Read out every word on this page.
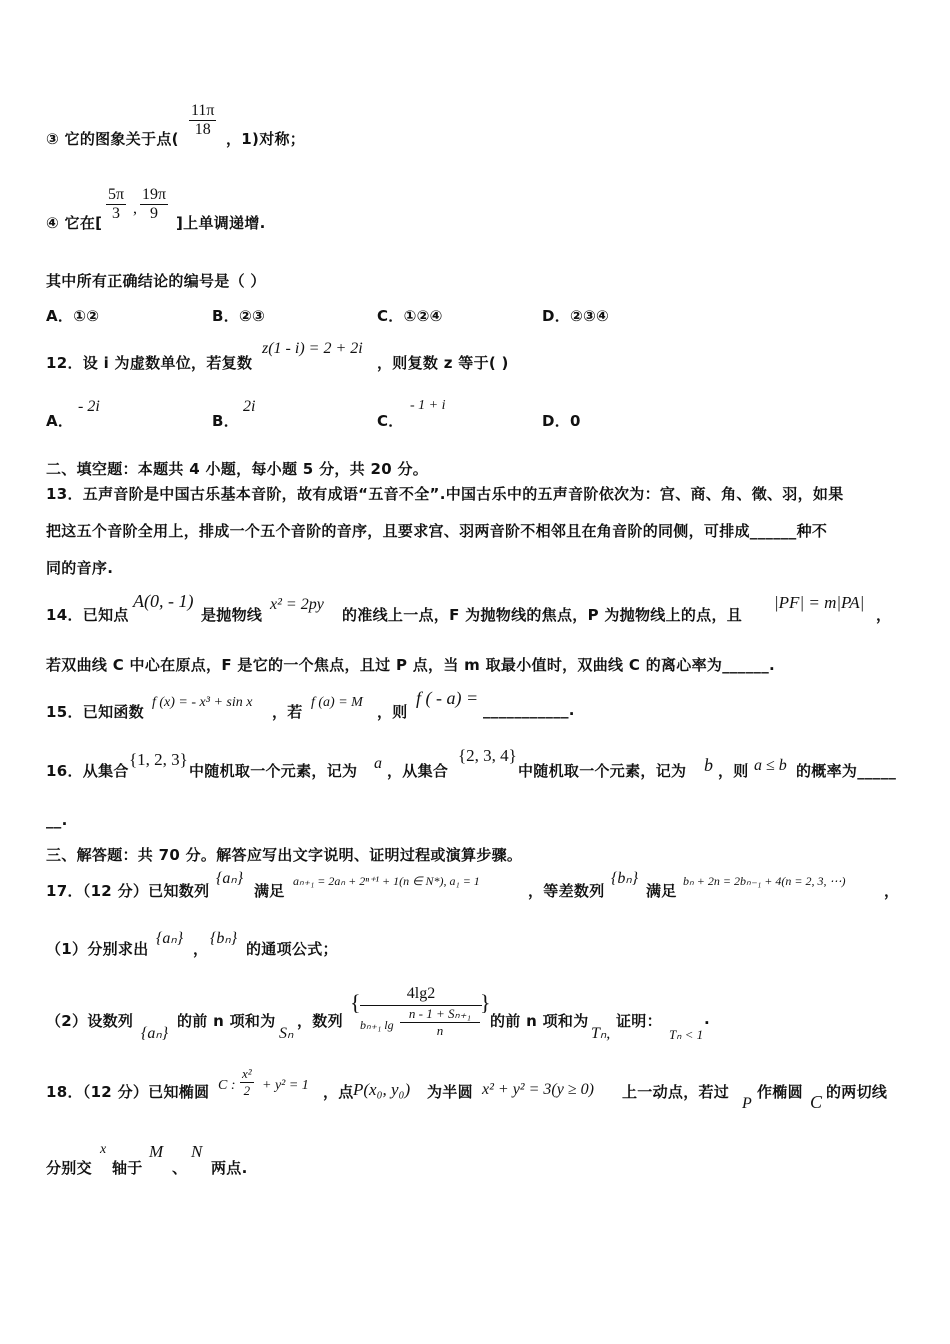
③ 它的图象关于点( $\frac{11\pi}{18}$ ，1)对称；
④ 它在[ $\frac{5\pi}{3}$ , $\frac{19\pi}{9}$ ]上单调递增.
其中所有正确结论的编号是（ ）
A．①②	B．②③	C．①②④	D．②③④
12．设 i 为虚数单位，若复数
z(1 - i) = 2 + 2i
，则复数 z 等于( )
A．
- 2i
B．
2i
C．
- 1 + i
D．0
二、填空题：本题共 4 小题，每小题 5 分，共 20 分。
13．五声音阶是中国古乐基本音阶，故有成语“五音不全”.中国古乐中的五声音阶依次为：宫、商、角、徵、羽，如果
把这五个音阶全用上，排成一个五个音阶的音序，且要求宫、羽两音阶不相邻且在角音阶的同侧，可排成______种不
同的音序.
14．已知点
A(0, - 1)
是抛物线
x² = 2py
的准线上一点，F 为抛物线的焦点，P 为抛物线上的点，且
|PF| = m|PA|
，
若双曲线 C 中心在原点，F 是它的一个焦点，且过 P 点，当 m 取最小值时，双曲线 C 的离心率为______.
15．已知函数
f (x) = - x³ + sin x
，若
f (a) = M
，则
f ( - a) =
___________.
16．从集合
{1, 2, 3}
中随机取一个元素，记为 a ，从集合
{2, 3, 4}
中随机取一个元素，记为 b ，则 a ≤ b 的概率为_____
__.
三、解答题：共 70 分。解答应写出文字说明、证明过程或演算步骤。
17．（12 分）已知数列
{aₙ}
满足
aₙ₊₁ = 2aₙ + 2ⁿ⁺¹ + 1(n ∈ N*), a₁ = 1
，等差数列
{bₙ}
满足
bₙ + 2n = 2bₙ₋₁ + 4(n = 2, 3, ⋯)
，
（1）分别求出
{aₙ}
，
{bₙ}
的通项公式；
（2）设数列
{aₙ}
的前 n 项和为
Sₙ
，数列
{ $\frac{4\lg 2}{b_{n+1} \lg \frac{\text{n - 1 + Sₙ₊₁}}{n}}$
}
的前 n 项和为
Tₙ,
证明：
Tₙ < 1
.
18．（12 分）已知椭圆 C : $\frac{\text{x²}}{2} + y^2 = 1$ ，点 P(x₀, y₀) 为半圆 x² + y² = 3(y ≥ 0) 上一动点，若过
P
作椭圆 C 的两切线
分别交
x
轴于
M
、
N
两点.
